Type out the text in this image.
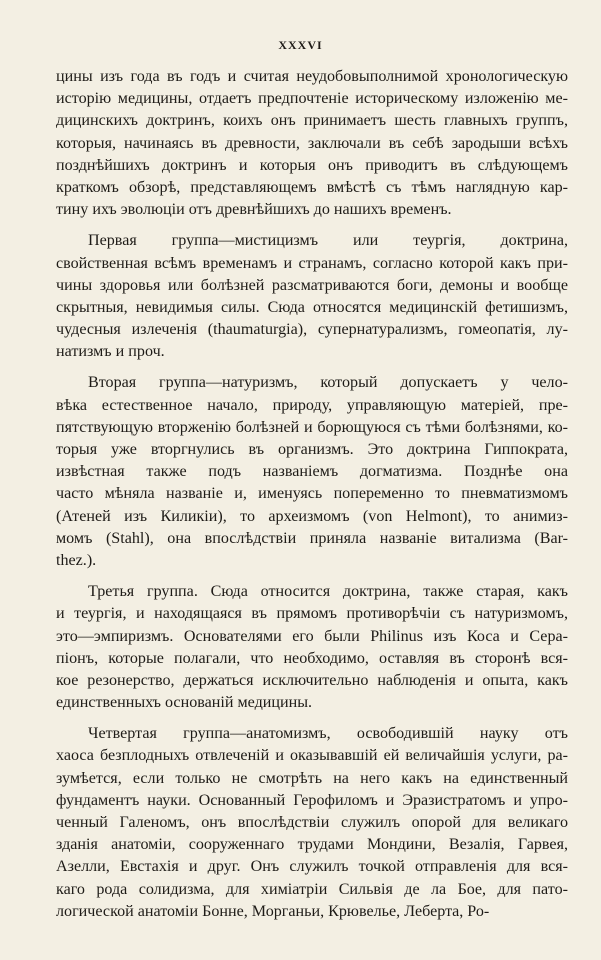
XXXVI
цины изъ года въ годъ и считая неудобовыполнимой хронологическую
исторію медицины, отдаетъ предпочтеніе историческому изложенію ме-
дицинскихъ доктринъ, коихъ онъ принимаетъ шесть главныхъ группъ,
которыя, начинаясь въ древности, заключали въ себѣ зародыши всѣхъ
позднѣйшихъ доктринъ и которыя онъ приводитъ въ слѣдующемъ
краткомъ обзорѣ, представляющемъ вмѣстѣ съ тѣмъ наглядную кар-
тину ихъ эволюціи отъ древнѣйшихъ до нашихъ временъ.
Первая группа—мистицизмъ или теургія, доктрина,
свойственная всѣмъ временамъ и странамъ, согласно которой какъ при-
чины здоровья или болѣзней разсматриваются боги, демоны и вообще
скрытныя, невидимыя силы. Сюда относятся медицинскій фетишизмъ,
чудесныя излеченія (thaumaturgia), супернатурализмъ, гомеопатія, лу-
натизмъ и проч.
Вторая группа—натуризмъ, который допускаетъ у чело-
вѣка естественное начало, природу, управляющую матеріей, пре-
пятствующую вторженію болѣзней и борющуюся съ тѣми болѣзнями, ко-
торыя уже вторгнулись въ организмъ. Это доктрина Гиппократа,
извѣстная также подъ названіемъ догматизма. Позднѣе она
часто мѣняла названіе и, именуясь попеременно то пневматизмомъ
(Атеней изъ Киликіи), то археизмомъ (von Helmont), то анимиз-
момъ (Stahl), она впослѣдствіи приняла названіе витализма (Bar-
thez.).
Третья группа. Сюда относится доктрина, также старая, какъ
и теургія, и находящаяся въ прямомъ противорѣчіи съ натуризмомъ,
это—эмпиризмъ. Основателями его были Philinus изъ Коса и Сера-
піонъ, которые полагали, что необходимо, оставляя въ сторонѣ вся-
кое резонерство, держаться исключительно наблюденія и опыта, какъ
единственныхъ основаній медицины.
Четвертая группа—анатомизмъ, освободившій науку отъ
хаоса безплодныхъ отвлеченій и оказывавшій ей величайшія услуги, ра-
зумѣется, если только не смотрѣть на него какъ на единственный
фундаментъ науки. Основанный Герофиломъ и Эразистратомъ и упро-
ченный Галеномъ, онъ впослѣдствіи служилъ опорой для великаго
зданія анатоміи, сооруженнаго трудами Мондини, Везалія, Гарвея,
Азелли, Евстахія и друг. Онъ служилъ точкой отправленія для вся-
каго рода солидизма, для химіатріи Сильвія де ла Боe, для пато-
логической анатоміи Бонне, Морганьи, Крювелье, Лебертa, Ро-
